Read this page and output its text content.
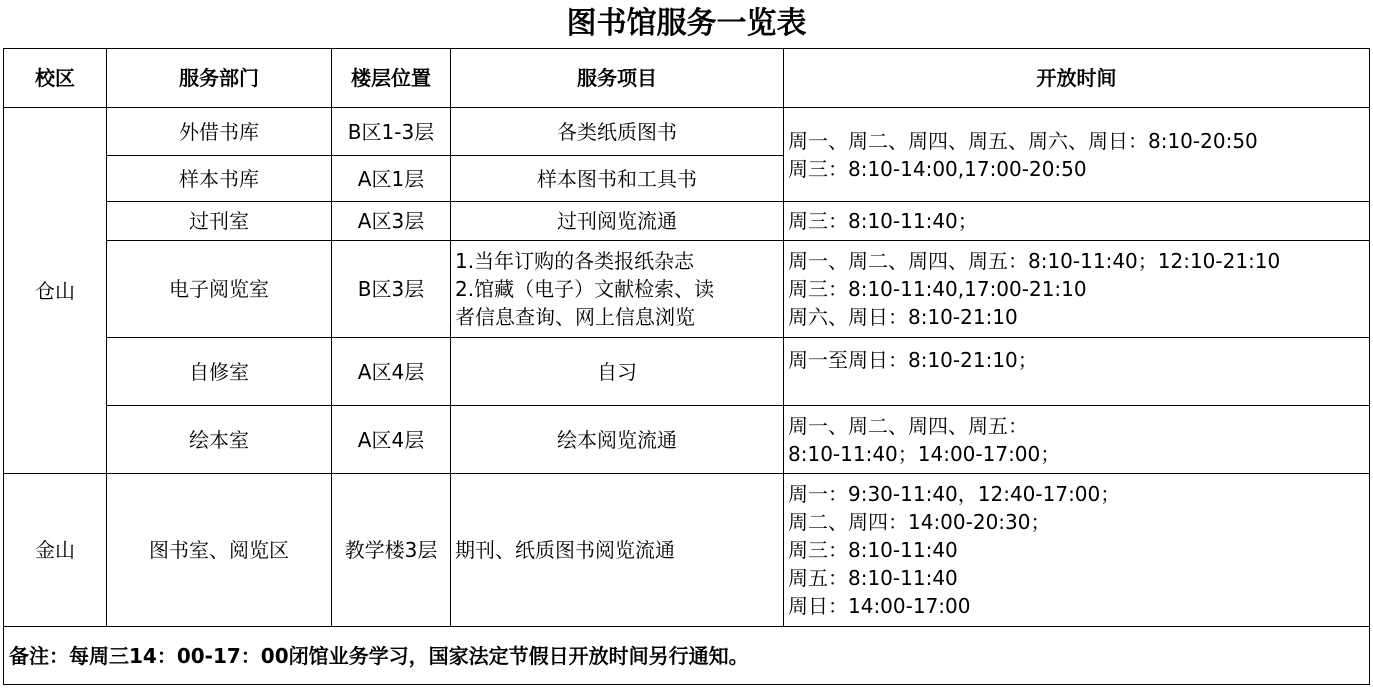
图书馆服务一览表
校区	服务部门	楼层位置	服务项目	开放时间
仓山	外借书库	B区1-3层	各类纸质图书	周一、周二、周四、周五、周六、周日：8:10-20:50
周三：8:10-14:00,17:00-20:50

	样本书库	A区1层	样本图书和工具书	
	过刊室	A区3层	过刊阅览流通	周三：8:10-11:40；

	电子阅览室	B区3层	1.当年订购的各类报纸杂志
2.馆藏（电子）文献检索、读
者信息查询、网上信息浏览	周一、周二、周四、周五：8:10-11:40；12:10-21:10
周三：8:10-11:40,17:00-21:10
周六、周日：8:10-21:10

	自修室	A区4层	自习	周一至周日：8:10-21:10；

	绘本室	A区4层	绘本阅览流通	周一、周二、周四、周五：
8:10-11:40；14:00-17:00；

金山	图书室、阅览区	教学楼3层	期刊、纸质图书阅览流通	周一：9:30-11:40，12:40-17:00；
周二、周四：14:00-20:30；
周三：8:10-11:40
周五：8:10-11:40
周日：14:00-17:00

备注：每周三14：00-17：00闭馆业务学习，国家法定节假日开放时间另行通知。				
